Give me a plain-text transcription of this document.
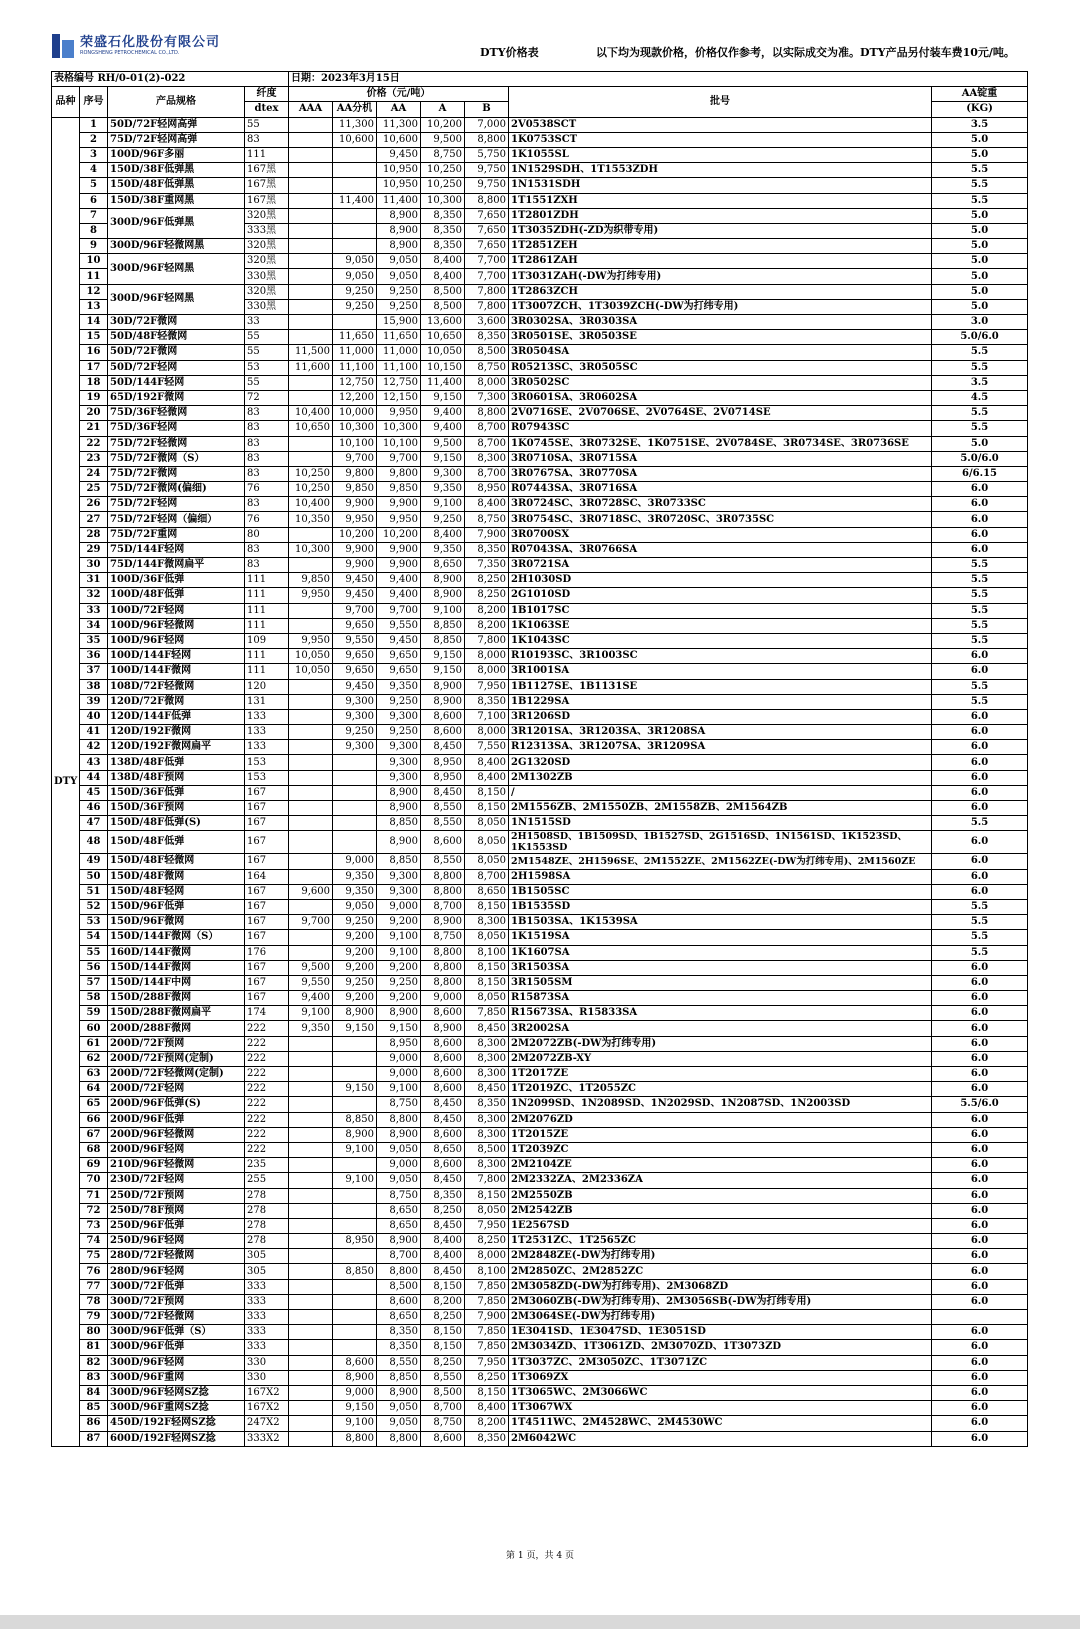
荣盛石化股份有限公司
RONGSHENG PETROCHEMICAL CO.,LTD.	DTY价格表	以下均为现款价格，价格仅作参考，以实际成交为准。DTY产品另付装车费10元/吨。
表格编号 RH/0-01(2)-022				日期：2023年3月15日						
品种	序号	产品规格	纤度	价格（元/吨）					批号	AA锭重
			dtex	AAA	AA分机	AA	A	B		(KG)
DTY	1	50D/72F轻网高弹	55		11,300	11,300	10,200	7,000	2V0538SCT	3.5
	2	75D/72F轻网高弹	83		10,600	10,600	9,500	8,800	1K0753SCT	5.0
	3	100D/96F多丽	111			9,450	8,750	5,750	1K1055SL	5.0
	4	150D/38F低弹黑	167黑			10,950	10,250	9,750	1N1529SDH、1T1553ZDH	5.5
	5	150D/48F低弹黑	167黑			10,950	10,250	9,750	1N1531SDH	5.5
	6	150D/38F重网黑	167黑		11,400	11,400	10,300	8,800	1T1551ZXH	5.5
	7	300D/96F低弹黑	320黑			8,900	8,350	7,650	1T2801ZDH	5.0
	8		333黑			8,900	8,350	7,650	1T3035ZDH(-ZD为织带专用)	5.0
	9	300D/96F轻微网黑	320黑			8,900	8,350	7,650	1T2851ZEH	5.0
	10	300D/96F轻网黑	320黑		9,050	9,050	8,400	7,700	1T2861ZAH	5.0
	11		330黑		9,050	9,050	8,400	7,700	1T3031ZAH(-DW为打纬专用)	5.0
	12	300D/96F轻网黑	320黑		9,250	9,250	8,500	7,800	1T2863ZCH	5.0
	13		330黑		9,250	9,250	8,500	7,800	1T3007ZCH、1T3039ZCH(-DW为打纬专用)	5.0
	14	30D/72F微网	33			15,900	13,600	3,600	3R0302SA、3R0303SA	3.0
	15	50D/48F轻微网	55		11,650	11,650	10,650	8,350	3R0501SE、3R0503SE	5.0/6.0
	16	50D/72F微网	55	11,500	11,000	11,000	10,050	8,500	3R0504SA	5.5
	17	50D/72F轻网	53	11,600	11,100	11,100	10,150	8,750	R05213SC、3R0505SC	5.5
	18	50D/144F轻网	55		12,750	12,750	11,400	8,000	3R0502SC	3.5
	19	65D/192F微网	72		12,200	12,150	9,150	7,300	3R0601SA、3R0602SA	4.5
	20	75D/36F轻微网	83	10,400	10,000	9,950	9,400	8,800	2V0716SE、2V0706SE、2V0764SE、2V0714SE	5.5
	21	75D/36F轻网	83	10,650	10,300	10,300	9,400	8,700	R07943SC	5.5
	22	75D/72F轻微网	83		10,100	10,100	9,500	8,700	1K0745SE、3R0732SE、1K0751SE、2V0784SE、3R0734SE、3R0736SE	5.0
	23	75D/72F微网（S）	83		9,700	9,700	9,150	8,300	3R0710SA、3R0715SA	5.0/6.0
	24	75D/72F微网	83	10,250	9,800	9,800	9,300	8,700	3R0767SA、3R0770SA	6/6.15
	25	75D/72F微网(偏细)	76	10,250	9,850	9,850	9,350	8,950	R07443SA、3R0716SA	6.0
	26	75D/72F轻网	83	10,400	9,900	9,900	9,100	8,400	3R0724SC、3R0728SC、3R0733SC	6.0
	27	75D/72F轻网（偏细）	76	10,350	9,950	9,950	9,250	8,750	3R0754SC、3R0718SC、3R0720SC、3R0735SC	6.0
	28	75D/72F重网	80		10,200	10,200	8,400	7,900	3R0700SX	6.0
	29	75D/144F轻网	83	10,300	9,900	9,900	9,350	8,350	R07043SA、3R0766SA	6.0
	30	75D/144F微网扁平	83		9,900	9,900	8,650	7,350	3R0721SA	5.5
	31	100D/36F低弹	111	9,850	9,450	9,400	8,900	8,250	2H1030SD	5.5
	32	100D/48F低弹	111	9,950	9,450	9,400	8,900	8,250	2G1010SD	5.5
	33	100D/72F轻网	111		9,700	9,700	9,100	8,200	1B1017SC	5.5
	34	100D/96F轻微网	111		9,650	9,550	8,850	8,200	1K1063SE	5.5
	35	100D/96F轻网	109	9,950	9,550	9,450	8,850	7,800	1K1043SC	5.5
	36	100D/144F轻网	111	10,050	9,650	9,650	9,150	8,000	R10193SC、3R1003SC	6.0
	37	100D/144F微网	111	10,050	9,650	9,650	9,150	8,000	3R1001SA	6.0
	38	108D/72F轻微网	120		9,450	9,350	8,900	7,950	1B1127SE、1B1131SE	5.5
	39	120D/72F微网	131		9,300	9,250	8,900	8,350	1B1229SA	5.5
	40	120D/144F低弹	133		9,300	9,300	8,600	7,100	3R1206SD	6.0
	41	120D/192F微网	133		9,250	9,250	8,600	8,000	3R1201SA、3R1203SA、3R1208SA	6.0
	42	120D/192F微网扁平	133		9,300	9,300	8,450	7,550	R12313SA、3R1207SA、3R1209SA	6.0
	43	138D/48F低弹	153			9,300	8,950	8,400	2G1320SD	6.0
	44	138D/48F预网	153			9,300	8,950	8,400	2M1302ZB	6.0
	45	150D/36F低弹	167			8,900	8,450	8,150	/	6.0
	46	150D/36F预网	167			8,900	8,550	8,150	2M1556ZB、2M1550ZB、2M1558ZB、2M1564ZB	6.0
	47	150D/48F低弹(S)	167			8,850	8,550	8,050	1N1515SD	5.5
	48	150D/48F低弹	167			8,900	8,600	8,050	2H1508SD、1B1509SD、1B1527SD、2G1516SD、1N1561SD、1K1523SD、1K1553SD	6.0
	49	150D/48F轻微网	167		9,000	8,850	8,550	8,050	2M1548ZE、2H1596SE、2M1552ZE、2M1562ZE(-DW为打纬专用)、2M1560ZE	6.0
	50	150D/48F微网	164		9,350	9,300	8,800	8,700	2H1598SA	6.0
	51	150D/48F轻网	167	9,600	9,350	9,300	8,800	8,650	1B1505SC	6.0
	52	150D/96F低弹	167		9,050	9,000	8,700	8,150	1B1535SD	5.5
	53	150D/96F微网	167	9,700	9,250	9,200	8,900	8,300	1B1503SA、1K1539SA	5.5
	54	150D/144F微网（S）	167		9,200	9,100	8,750	8,050	1K1519SA	5.5
	55	160D/144F微网	176		9,200	9,100	8,800	8,100	1K1607SA	5.5
	56	150D/144F微网	167	9,500	9,200	9,200	8,800	8,150	3R1503SA	6.0
	57	150D/144F中网	167	9,550	9,250	9,250	8,800	8,150	3R1505SM	6.0
	58	150D/288F微网	167	9,400	9,200	9,200	9,000	8,050	R15873SA	6.0
	59	150D/288F微网扁平	174	9,100	8,900	8,900	8,600	7,850	R15673SA、R15833SA	6.0
	60	200D/288F微网	222	9,350	9,150	9,150	8,900	8,450	3R2002SA	6.0
	61	200D/72F预网	222			8,950	8,600	8,300	2M2072ZB(-DW为打纬专用)	6.0
	62	200D/72F预网(定制)	222			9,000	8,600	8,300	2M2072ZB-XY	6.0
	63	200D/72F轻微网(定制)	222			9,000	8,600	8,300	1T2017ZE	6.0
	64	200D/72F轻网	222		9,150	9,100	8,600	8,450	1T2019ZC、1T2055ZC	6.0
	65	200D/96F低弹(S)	222			8,750	8,450	8,350	1N2099SD、1N2089SD、1N2029SD、1N2087SD、1N2003SD	5.5/6.0
	66	200D/96F低弹	222		8,850	8,800	8,450	8,300	2M2076ZD	6.0
	67	200D/96F轻微网	222		8,900	8,900	8,600	8,300	1T2015ZE	6.0
	68	200D/96F轻网	222		9,100	9,050	8,650	8,500	1T2039ZC	6.0
	69	210D/96F轻微网	235			9,000	8,600	8,300	2M2104ZE	6.0
	70	230D/72F轻网	255		9,100	9,050	8,450	7,800	2M2332ZA、2M2336ZA	6.0
	71	250D/72F预网	278			8,750	8,350	8,150	2M2550ZB	6.0
	72	250D/78F预网	278			8,650	8,250	8,050	2M2542ZB	6.0
	73	250D/96F低弹	278			8,650	8,450	7,950	1E2567SD	6.0
	74	250D/96F轻网	278		8,950	8,900	8,400	8,250	1T2531ZC、1T2565ZC	6.0
	75	280D/72F轻微网	305			8,700	8,400	8,000	2M2848ZE(-DW为打纬专用)	6.0
	76	280D/96F轻网	305		8,850	8,800	8,450	8,100	2M2850ZC、2M2852ZC	6.0
	77	300D/72F低弹	333			8,500	8,150	7,850	2M3058ZD(-DW为打纬专用)、2M3068ZD	6.0
	78	300D/72F预网	333			8,600	8,200	7,850	2M3060ZB(-DW为打纬专用)、2M3056SB(-DW为打纬专用)	6.0
	79	300D/72F轻微网	333			8,650	8,250	7,900	2M3064SE(-DW为打纬专用)	
	80	300D/96F低弹（S）	333			8,350	8,150	7,850	1E3041SD、1E3047SD、1E3051SD	6.0
	81	300D/96F低弹	333			8,350	8,150	7,850	2M3034ZD、1T3061ZD、2M3070ZD、1T3073ZD	6.0
	82	300D/96F轻网	330		8,600	8,550	8,250	7,950	1T3037ZC、2M3050ZC、1T3071ZC	6.0
	83	300D/96F重网	330		8,900	8,850	8,550	8,250	1T3069ZX	6.0
	84	300D/96F轻网SZ捻	167X2		9,000	8,900	8,500	8,150	1T3065WC、2M3066WC	6.0
	85	300D/96F重网SZ捻	167X2		9,150	9,050	8,700	8,400	1T3067WX	6.0
	86	450D/192F轻网SZ捻	247X2		9,100	9,050	8,750	8,200	1T4511WC、2M4528WC、2M4530WC	6.0
	87	600D/192F轻网SZ捻	333X2		8,800	8,800	8,600	8,350	2M6042WC	6.0
第 1 页，共 4 页
